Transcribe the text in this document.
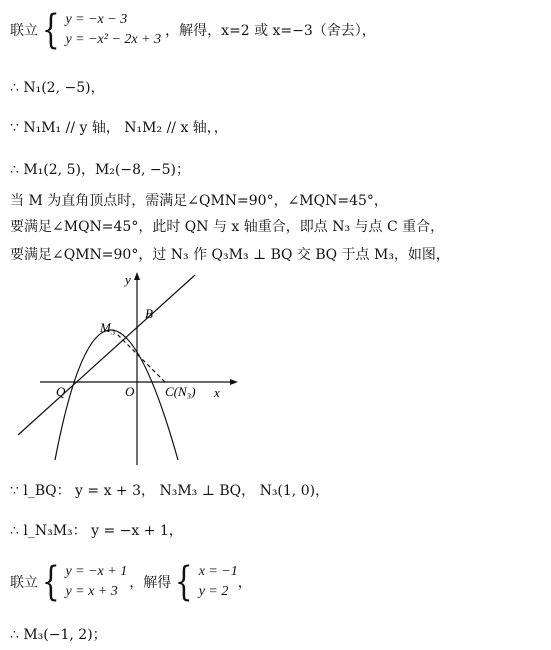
联立 { y = −x − 3
y = −x² − 2x + 3
，解得，x=2 或 x=−3（舍去），
∴ N₁(2, −5)，
∵ N₁M₁ // y 轴， N₁M₂ // x 轴，，
∴ M₁(2, 5)，M₂(−8, −5)；
当 M 为直角顶点时，需满足∠QMN=90°，∠MQN=45°，
要满足∠MQN=45°，此时 QN 与 x 轴重合，即点 N₃ 与点 C 重合，
要满足∠QMN=90°，过 N₃ 作 Q₃M₃ ⊥ BQ 交 BQ 于点 M₃，如图，
y
x
O
Q
B
M₃
C(N₃)
∵ l_BQ： y = x + 3， N₃M₃ ⊥ BQ， N₃(1, 0)，
∴ l_N₃M₃： y = −x + 1，
联立 { y = −x + 1
y = x + 3
，解得 { x = −1
y = 2
，
∴ M₃(−1, 2)；
